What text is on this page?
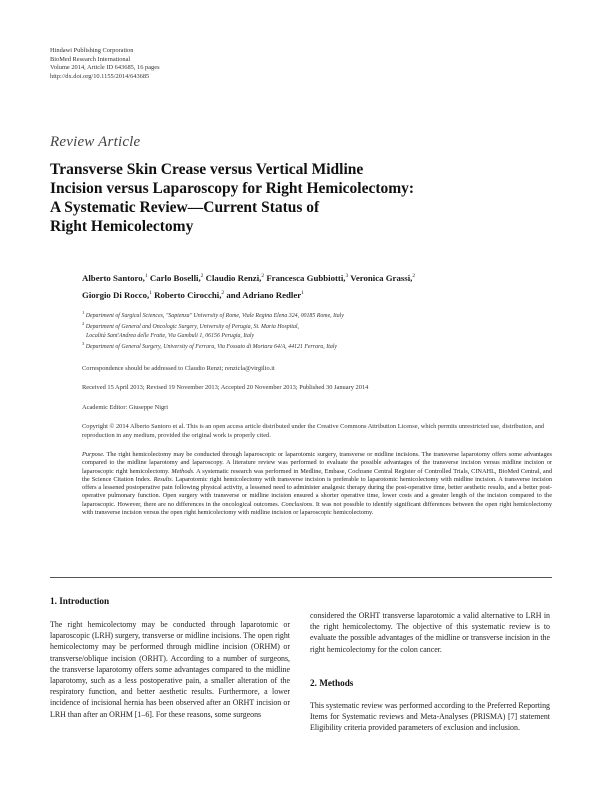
Hindawi Publishing Corporation
BioMed Research International
Volume 2014, Article ID 643685, 16 pages
http://dx.doi.org/10.1155/2014/643685
Review Article
Transverse Skin Crease versus Vertical Midline
Incision versus Laparoscopy for Right Hemicolectomy:
A Systematic Review—Current Status of
Right Hemicolectomy
Alberto Santoro,$^1$ Carlo Boselli,$^2$ Claudio Renzi,$^2$ Francesca Gubbiotti,$^3$ Veronica Grassi,$^2$
Giorgio Di Rocco,$^1$ Roberto Cirocchi,$^2$ and Adriano Redler$^1$
$^1$ Department of Surgical Sciences, "Sapienza" University of Rome, Viale Regina Elena 324, 00185 Rome, Italy
$^2$ Department of General and Oncologic Surgery, University of Perugia, St. Maria Hospital,
Località Sant'Andrea delle Fratte, Via Gambuli 1, 06156 Perugia, Italy
$^3$ Department of General Surgery, University of Ferrara, Via Fossato di Mortara 64/A, 44121 Ferrara, Italy
Correspondence should be addressed to Claudio Renzi; renzicla@virgilio.it
Received 15 April 2013; Revised 19 November 2013; Accepted 20 November 2013; Published 30 January 2014
Academic Editor: Giuseppe Nigri
Copyright © 2014 Alberto Santoro et al. This is an open access article distributed under the Creative Commons Attribution License, which permits unrestricted use, distribution, and reproduction in any medium, provided the original work is properly cited.
Purpose. The right hemicolectomy may be conducted through laparoscopic or laparotomic surgery, transverse or midline incisions. The transverse laparotomy offers some advantages compared to the midline laparotomy and laparoscopy. A literature review was performed to evaluate the possible advantages of the transverse incision versus midline incision or laparoscopic right hemicolectomy. Methods. A systematic research was performed in Medline, Embase, Cochrane Central Register of Controlled Trials, CINAHL, BioMed Central, and the Science Citation Index. Results. Laparotomic right hemicolectomy with transverse incision is preferable to laparotomic hemicolectomy with midline incision. A transverse incision offers a lessened postoperative pain following physical activity, a lessened need to administer analgesic therapy during the post-operative time, better aesthetic results, and a better post-operative pulmonary function. Open surgery with transverse or midline incision ensured a shorter operative time, lower costs and a greater length of the incision compared to the laparoscopic. However, there are no differences in the oncological outcomes. Conclusions. It was not possible to identify significant differences between the open right hemicolectomy with transverse incision versus the open right hemicolectomy with midline incision or laparoscopic hemicolectomy.
1. Introduction
The right hemicolectomy may be conducted through laparotomic or laparoscopic (LRH) surgery, transverse or midline incisions. The open right hemicolectomy may be performed through midline incision (ORHM) or transverse/oblique incision (ORHT). According to a number of surgeons, the transverse laparotomy offers some advantages compared to the midline laparotomy, such as a less postoperative pain, a smaller alteration of the respiratory function, and better aesthetic results. Furthermore, a lower incidence of incisional hernia has been observed after an ORHT incision or LRH than after an ORHM [1–6]. For these reasons, some surgeons
considered the ORHT transverse laparotomic a valid alternative to LRH in the right hemicolectomy. The objective of this systematic review is to evaluate the possible advantages of the midline or transverse incision in the right hemicolectomy for the colon cancer.
2. Methods
This systematic review was performed according to the Preferred Reporting Items for Systematic reviews and Meta-Analyses (PRISMA) [7] statement Eligibility criteria provided parameters of exclusion and inclusion.
